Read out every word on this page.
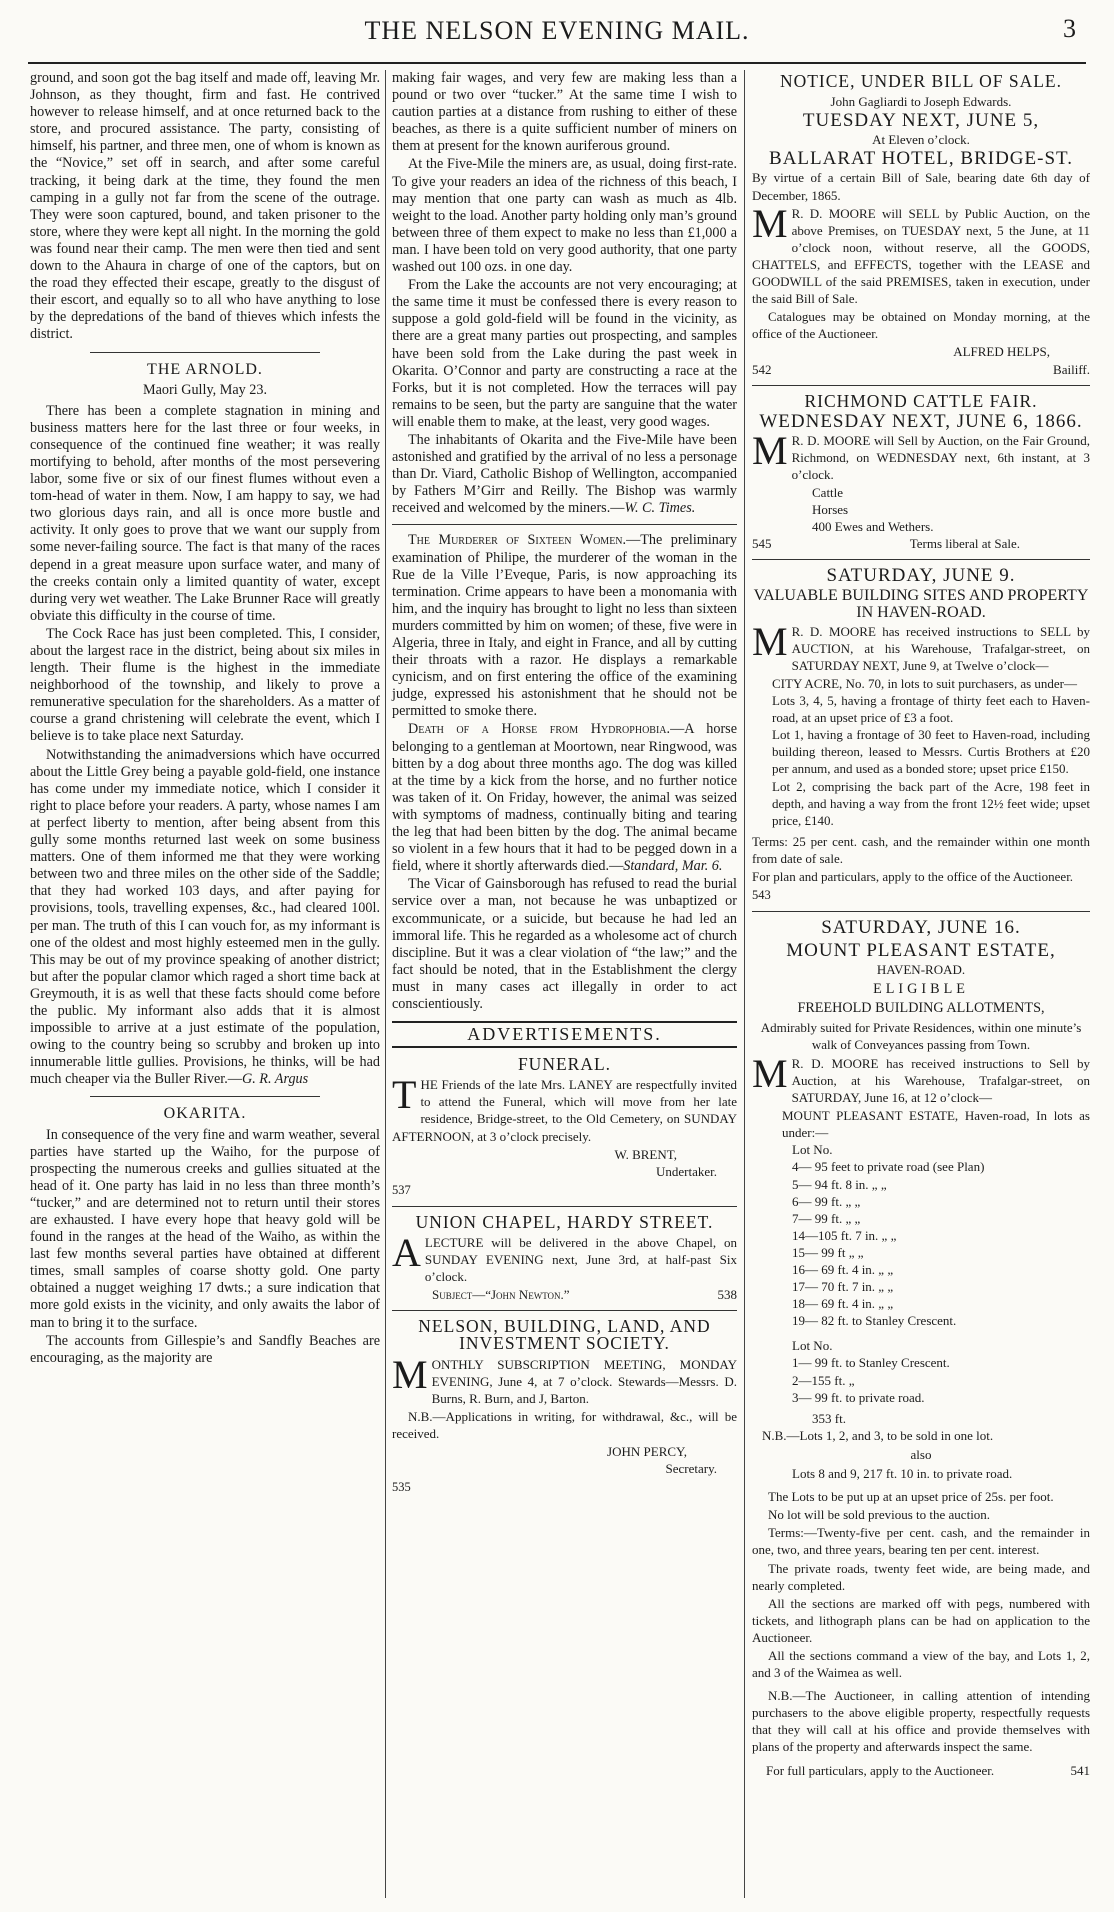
THE NELSON EVENING MAIL.	3

ground, and soon got the bag itself and made off, leaving Mr. Johnson, as they thought, firm and fast. He contrived however to release himself, and at once returned back to the store, and procured assistance. The party, consisting of himself, his partner, and three men, one of whom is known as the “Novice,” set off in search, and after some careful tracking, it being dark at the time, they found the men camping in a gully not far from the scene of the outrage. They were soon captured, bound, and taken prisoner to the store, where they were kept all night. In the morning the gold was found near their camp. The men were then tied and sent down to the Ahaura in charge of one of the captors, but on the road they effected their escape, greatly to the disgust of their escort, and equally so to all who have anything to lose by the depredations of the band of thieves which infests the district.

THE ARNOLD.
Maori Gully, May 23.

There has been a complete stagnation in mining and business matters here for the last three or four weeks, in consequence of the continued fine weather; it was really mortifying to behold, after months of the most persevering labor, some five or six of our finest flumes without even a tom-head of water in them. Now, I am happy to say, we had two glorious days rain, and all is once more bustle and activity. It only goes to prove that we want our supply from some never-failing source. The fact is that many of the races depend in a great measure upon surface water, and many of the creeks contain only a limited quantity of water, except during very wet weather. The Lake Brunner Race will greatly obviate this difficulty in the course of time.

The Cock Race has just been completed. This, I consider, about the largest race in the district, being about six miles in length. Their flume is the highest in the immediate neighborhood of the township, and likely to prove a remunerative speculation for the shareholders. As a matter of course a grand christening will celebrate the event, which I believe is to take place next Saturday.

Notwithstanding the animadversions which have occurred about the Little Grey being a payable gold-field, one instance has come under my immediate notice, which I consider it right to place before your readers. A party, whose names I am at perfect liberty to mention, after being absent from this gully some months returned last week on some business matters. One of them informed me that they were working between two and three miles on the other side of the Saddle; that they had worked 103 days, and after paying for provisions, tools, travelling expenses, &c., had cleared 100l. per man. The truth of this I can vouch for, as my informant is one of the oldest and most highly esteemed men in the gully. This may be out of my province speaking of another district; but after the popular clamor which raged a short time back at Greymouth, it is as well that these facts should come before the public. My informant also adds that it is almost impossible to arrive at a just estimate of the population, owing to the country being so scrubby and broken up into innumerable little gullies. Provisions, he thinks, will be had much cheaper via the Buller River.—G. R. Argus

OKARITA.

In consequence of the very fine and warm weather, several parties have started up the Waiho, for the purpose of prospecting the numerous creeks and gullies situated at the head of it. One party has laid in no less than three month’s “tucker,” and are determined not to return until their stores are exhausted. I have every hope that heavy gold will be found in the ranges at the head of the Waiho, as within the last few months several parties have obtained at different times, small samples of coarse shotty gold. One party obtained a nugget weighing 17 dwts.; a sure indication that more gold exists in the vicinity, and only awaits the labor of man to bring it to the surface.

The accounts from Gillespie’s and Sandfly Beaches are encouraging, as the majority are

making fair wages, and very few are making less than a pound or two over “tucker.” At the same time I wish to caution parties at a distance from rushing to either of these beaches, as there is a quite sufficient number of miners on them at present for the known auriferous ground.

At the Five-Mile the miners are, as usual, doing first-rate. To give your readers an idea of the richness of this beach, I may mention that one party can wash as much as 4lb. weight to the load. Another party holding only man’s ground between three of them expect to make no less than £1,000 a man. I have been told on very good authority, that one party washed out 100 ozs. in one day.

From the Lake the accounts are not very encouraging; at the same time it must be confessed there is every reason to suppose a gold gold-field will be found in the vicinity, as there are a great many parties out prospecting, and samples have been sold from the Lake during the past week in Okarita. O’Connor and party are constructing a race at the Forks, but it is not completed. How the terraces will pay remains to be seen, but the party are sanguine that the water will enable them to make, at the least, very good wages.

The inhabitants of Okarita and the Five-Mile have been astonished and gratified by the arrival of no less a personage than Dr. Viard, Catholic Bishop of Wellington, accompanied by Fathers M’Girr and Reilly. The Bishop was warmly received and welcomed by the miners.—W. C. Times.

The Murderer of Sixteen Women.—The preliminary examination of Philipe, the murderer of the woman in the Rue de la Ville l’Eveque, Paris, is now approaching its termination. Crime appears to have been a monomania with him, and the inquiry has brought to light no less than sixteen murders committed by him on women; of these, five were in Algeria, three in Italy, and eight in France, and all by cutting their throats with a razor. He displays a remarkable cynicism, and on first entering the office of the examining judge, expressed his astonishment that he should not be permitted to smoke there.

Death of a Horse from Hydrophobia.—A horse belonging to a gentleman at Moortown, near Ringwood, was bitten by a dog about three months ago. The dog was killed at the time by a kick from the horse, and no further notice was taken of it. On Friday, however, the animal was seized with symptoms of madness, continually biting and tearing the leg that had been bitten by the dog. The animal became so violent in a few hours that it had to be pegged down in a field, where it shortly afterwards died.—Standard, Mar. 6.

The Vicar of Gainsborough has refused to read the burial service over a man, not because he was unbaptized or excommunicate, or a suicide, but because he had led an immoral life. This he regarded as a wholesome act of church discipline. But it was a clear violation of “the law;” and the fact should be noted, that in the Establishment the clergy must in many cases act illegally in order to act conscientiously.

ADVERTISEMENTS.
FUNERAL.

THE Friends of the late Mrs. LANEY are respectfully invited to attend the Funeral, which will move from her late residence, Bridge-street, to the Old Cemetery, on SUNDAY AFTERNOON, at 3 o’clock precisely.

W. BRENT,
Undertaker.
537
UNION CHAPEL, HARDY STREET.

ALECTURE will be delivered in the above Chapel, on SUNDAY EVENING next, June 3rd, at half-past Six o’clock.

Subject—“John Newton.”	538
NELSON, BUILDING, LAND, AND INVESTMENT SOCIETY.

MONTHLY SUBSCRIPTION MEETING, MONDAY EVENING, June 4, at 7 o’clock. Stewards—Messrs. D. Burns, R. Burn, and J, Barton.

N.B.—Applications in writing, for withdrawal, &c., will be received.

JOHN PERCY,
Secretary.
535
NOTICE, UNDER BILL OF SALE.
John Gagliardi to Joseph Edwards.
TUESDAY NEXT, JUNE 5,
At Eleven o’clock.
BALLARAT HOTEL, BRIDGE-ST.

By virtue of a certain Bill of Sale, bearing date 6th day of December, 1865.

M R. D. MOORE will SELL by Public Auction, on the above Premises, on TUESDAY next, 5 the June, at 11 o’clock noon, without reserve, all the GOODS, CHATTELS, and EFFECTS, together with the LEASE and GOODWILL of the said PREMISES, taken in execution, under the said Bill of Sale.

Catalogues may be obtained on Monday morning, at the office of the Auctioneer.

ALFRED HELPS,
542	Bailiff.
RICHMOND CATTLE FAIR.
WEDNESDAY NEXT, JUNE 6, 1866.

M R. D. MOORE will Sell by Auction, on the Fair Ground, Richmond, on WEDNESDAY next, 6th instant, at 3 o’clock.

Cattle
Horses
400 Ewes and Wethers.
545	Terms liberal at Sale.
SATURDAY, JUNE 9.
VALUABLE BUILDING SITES AND PROPERTY IN HAVEN-ROAD.

M R. D. MOORE has received instructions to SELL by AUCTION, at his Warehouse, Trafalgar-street, on SATURDAY NEXT, June 9, at Twelve o’clock—

CITY ACRE, No. 70, in lots to suit purchasers, as under—
Lots 3, 4, 5, having a frontage of thirty feet each to Haven-road, at an upset price of £3 a foot.
Lot 1, having a frontage of 30 feet to Haven-road, including building thereon, leased to Messrs. Curtis Brothers at £20 per annum, and used as a bonded store; upset price £150.
Lot 2, comprising the back part of the Acre, 198 feet in depth, and having a way from the front 12½ feet wide; upset price, £140.

Terms: 25 per cent. cash, and the remainder within one month from date of sale.

For plan and particulars, apply to the office of the Auctioneer.

543
SATURDAY, JUNE 16.
MOUNT PLEASANT ESTATE,
HAVEN-ROAD.
ELIGIBLE
FREEHOLD BUILDING ALLOTMENTS,
Admirably suited for Private Residences, within one minute’s walk of Conveyances passing from Town.

M R. D. MOORE has received instructions to Sell by Auction, at his Warehouse, Trafalgar-street, on SATURDAY, June 16, at 12 o’clock—

MOUNT PLEASANT ESTATE, Haven-road, In lots as under:—
Lot No.
4— 95 feet to private road (see Plan)
5— 94 ft. 8 in. „ „
6— 99 ft. „ „
7— 99 ft. „ „
14—105 ft. 7 in. „ „
15— 99 ft „ „
16— 69 ft. 4 in. „ „
17— 70 ft. 7 in. „ „
18— 69 ft. 4 in. „ „
19— 82 ft. to Stanley Crescent.
Lot No.
1— 99 ft. to Stanley Crescent.
2—155 ft. „
3— 99 ft. to private road.
353 ft.
N.B.—Lots 1, 2, and 3, to be sold in one lot.
also
Lots 8 and 9, 217 ft. 10 in. to private road.

The Lots to be put up at an upset price of 25s. per foot.

No lot will be sold previous to the auction.

Terms:—Twenty-five per cent. cash, and the remainder in one, two, and three years, bearing ten per cent. interest.

The private roads, twenty feet wide, are being made, and nearly completed.

All the sections are marked off with pegs, numbered with tickets, and lithograph plans can be had on application to the Auctioneer.

All the sections command a view of the bay, and Lots 1, 2, and 3 of the Waimea as well.

N.B.—The Auctioneer, in calling attention of intending purchasers to the above eligible property, respectfully requests that they will call at his office and provide themselves with plans of the property and afterwards inspect the same.

For full particulars, apply to the Auctioneer.	541
